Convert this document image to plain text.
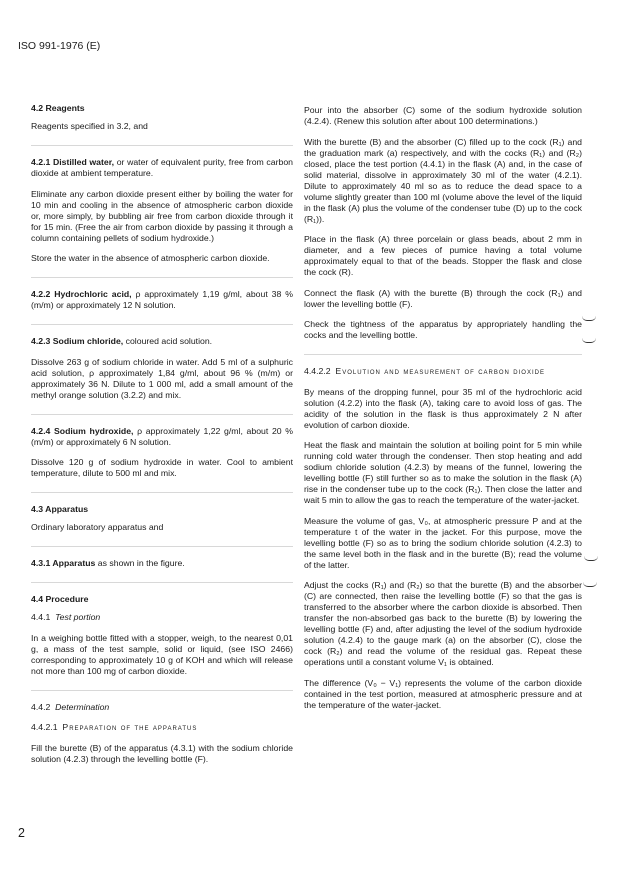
ISO 991-1976 (E)
4.2 Reagents

Reagents specified in 3.2, and

4.2.1 Distilled water, or water of equivalent purity, free from carbon dioxide at ambient temperature.

Eliminate any carbon dioxide present either by boiling the water for 10 min and cooling in the absence of atmospheric carbon dioxide or, more simply, by bubbling air free from carbon dioxide through it for 15 min. (Free the air from carbon dioxide by passing it through a column containing pellets of sodium hydroxide.)

Store the water in the absence of atmospheric carbon dioxide.

4.2.2 Hydrochloric acid, ρ approximately 1,19 g/ml, about 38 % (m/m) or approximately 12 N solution.

4.2.3 Sodium chloride, coloured acid solution.

Dissolve 263 g of sodium chloride in water. Add 5 ml of a sulphuric acid solution, ρ approximately 1,84 g/ml, about 96 % (m/m) or approximately 36 N. Dilute to 1 000 ml, add a small amount of the methyl orange solution (3.2.2) and mix.

4.2.4 Sodium hydroxide, ρ approximately 1,22 g/ml, about 20 % (m/m) or approximately 6 N solution.

Dissolve 120 g of sodium hydroxide in water. Cool to ambient temperature, dilute to 500 ml and mix.

4.3 Apparatus

Ordinary laboratory apparatus and

4.3.1 Apparatus as shown in the figure.

4.4 Procedure

4.4.1 Test portion

In a weighing bottle fitted with a stopper, weigh, to the nearest 0,01 g, a mass of the test sample, solid or liquid, (see ISO 2466) corresponding to approximately 10 g of KOH and which will release not more than 100 mg of carbon dioxide.

4.4.2 Determination

4.4.2.1 Preparation of the apparatus

Fill the burette (B) of the apparatus (4.3.1) with the sodium chloride solution (4.2.3) through the levelling bottle (F).

Pour into the absorber (C) some of the sodium hydroxide solution (4.2.4). (Renew this solution after about 100 determinations.)

With the burette (B) and the absorber (C) filled up to the cock (R₁) and the graduation mark (a) respectively, and with the cocks (R₁) and (R₂) closed, place the test portion (4.4.1) in the flask (A) and, in the case of solid material, dissolve in approximately 30 ml of the water (4.2.1). Dilute to approximately 40 ml so as to reduce the dead space to a volume slightly greater than 100 ml (volume above the level of the liquid in the flask (A) plus the volume of the condenser tube (D) up to the cock (R₁)).

Place in the flask (A) three porcelain or glass beads, about 2 mm in diameter, and a few pieces of pumice having a total volume approximately equal to that of the beads. Stopper the flask and close the cock (R).

Connect the flask (A) with the burette (B) through the cock (R₁) and lower the levelling bottle (F).

Check the tightness of the apparatus by appropriately handling the cocks and the levelling bottle.

4.4.2.2 Evolution and measurement of carbon dioxide

By means of the dropping funnel, pour 35 ml of the hydrochloric acid solution (4.2.2) into the flask (A), taking care to avoid loss of gas. The acidity of the solution in the flask is thus approximately 2 N after evolution of carbon dioxide.

Heat the flask and maintain the solution at boiling point for 5 min while running cold water through the condenser. Then stop heating and add sodium chloride solution (4.2.3) by means of the funnel, lowering the levelling bottle (F) still further so as to make the solution in the flask (A) rise in the condenser tube up to the cock (R₁). Then close the latter and wait 5 min to allow the gas to reach the temperature of the water-jacket.

Measure the volume of gas, V₀, at atmospheric pressure P and at the temperature t of the water in the jacket. For this purpose, move the levelling bottle (F) so as to bring the sodium chloride solution (4.2.3) to the same level both in the flask and in the burette (B); read the volume of the latter.

Adjust the cocks (R₁) and (R₂) so that the burette (B) and the absorber (C) are connected, then raise the levelling bottle (F) so that the gas is transferred to the absorber where the carbon dioxide is absorbed. Then transfer the non-absorbed gas back to the burette (B) by lowering the levelling bottle (F) and, after adjusting the level of the sodium hydroxide solution (4.2.4) to the gauge mark (a) on the absorber (C), close the cock (R₂) and read the volume of the residual gas. Repeat these operations until a constant volume V₁ is obtained.

The difference (V₀ − V₁) represents the volume of the carbon dioxide contained in the test portion, measured at atmospheric pressure and at the temperature of the water-jacket.

2
